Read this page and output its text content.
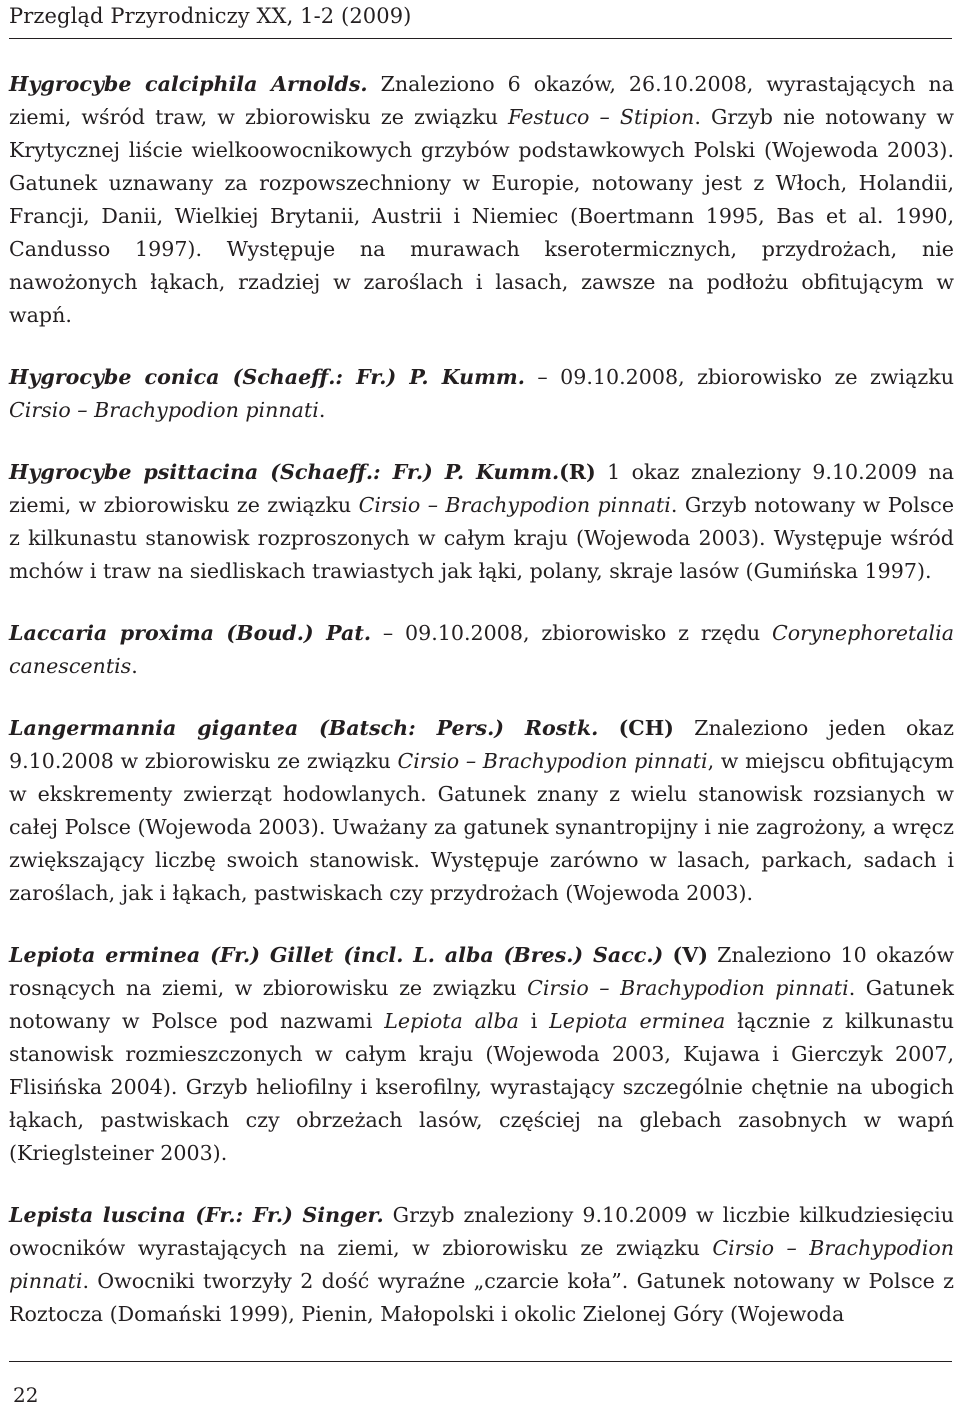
Przegląd Przyrodniczy XX, 1-2 (2009)

Hygrocybe calciphila Arnolds. Znaleziono 6 okazów, 26.10.2008, wyrastających na ziemi, wśród traw, w zbiorowisku ze związku Festuco – Stipion. Grzyb nie notowany w Krytycznej liście wielkoowocnikowych grzybów podstawkowych Polski (Wojewoda 2003). Gatunek uznawany za rozpowszechniony w Europie, notowany jest z Włoch, Holandii, Francji, Danii, Wielkiej Brytanii, Austrii i Niemiec (Boertmann 1995, Bas et al. 1990, Candusso 1997). Występuje na murawach kserotermicznych, przydrożach, nie nawożonych łąkach, rzadziej w zaroślach i lasach, zawsze na podłożu obfitującym w wapń.

Hygrocybe conica (Schaeff.: Fr.) P. Kumm. – 09.10.2008, zbiorowisko ze związku Cirsio – Brachypodion pinnati.

Hygrocybe psittacina (Schaeff.: Fr.) P. Kumm.(R) 1 okaz znaleziony 9.10.2009 na ziemi, w zbiorowisku ze związku Cirsio – Brachypodion pinnati. Grzyb notowany w Polsce z kilkunastu stanowisk rozproszonych w całym kraju (Wojewoda 2003). Występuje wśród mchów i traw na siedliskach trawiastych jak łąki, polany, skraje lasów (Gumińska 1997).

Laccaria proxima (Boud.) Pat. – 09.10.2008, zbiorowisko z rzędu Corynephoretalia canescentis.

Langermannia gigantea (Batsch: Pers.) Rostk. (CH) Znaleziono jeden okaz 9.10.2008 w zbiorowisku ze związku Cirsio – Brachypodion pinnati, w miejscu obfitującym w ekskrementy zwierząt hodowlanych. Gatunek znany z wielu stanowisk rozsianych w całej Polsce (Wojewoda 2003). Uważany za gatunek synantropijny i nie zagrożony, a wręcz zwiększający liczbę swoich stanowisk. Występuje zarówno w lasach, parkach, sadach i zaroślach, jak i łąkach, pastwiskach czy przydrożach (Wojewoda 2003).

Lepiota erminea (Fr.) Gillet (incl. L. alba (Bres.) Sacc.) (V) Znaleziono 10 okazów rosnących na ziemi, w zbiorowisku ze związku Cirsio – Brachypodion pinnati. Gatunek notowany w Polsce pod nazwami Lepiota alba i Lepiota erminea łącznie z kilkunastu stanowisk rozmieszczonych w całym kraju (Wojewoda 2003, Kujawa i Gierczyk 2007, Flisińska 2004). Grzyb heliofilny i kserofilny, wyrastający szczególnie chętnie na ubogich łąkach, pastwiskach czy obrzeżach lasów, częściej na glebach zasobnych w wapń (Krieglsteiner 2003).

Lepista luscina (Fr.: Fr.) Singer. Grzyb znaleziony 9.10.2009 w liczbie kilkudziesięciu owocników wyrastających na ziemi, w zbiorowisku ze związku Cirsio – Brachypodion pinnati. Owocniki tworzyły 2 dość wyraźne „czarcie koła”. Gatunek notowany w Polsce z Roztocza (Domański 1999), Pienin, Małopolski i okolic Zielonej Góry (Wojewoda

22
